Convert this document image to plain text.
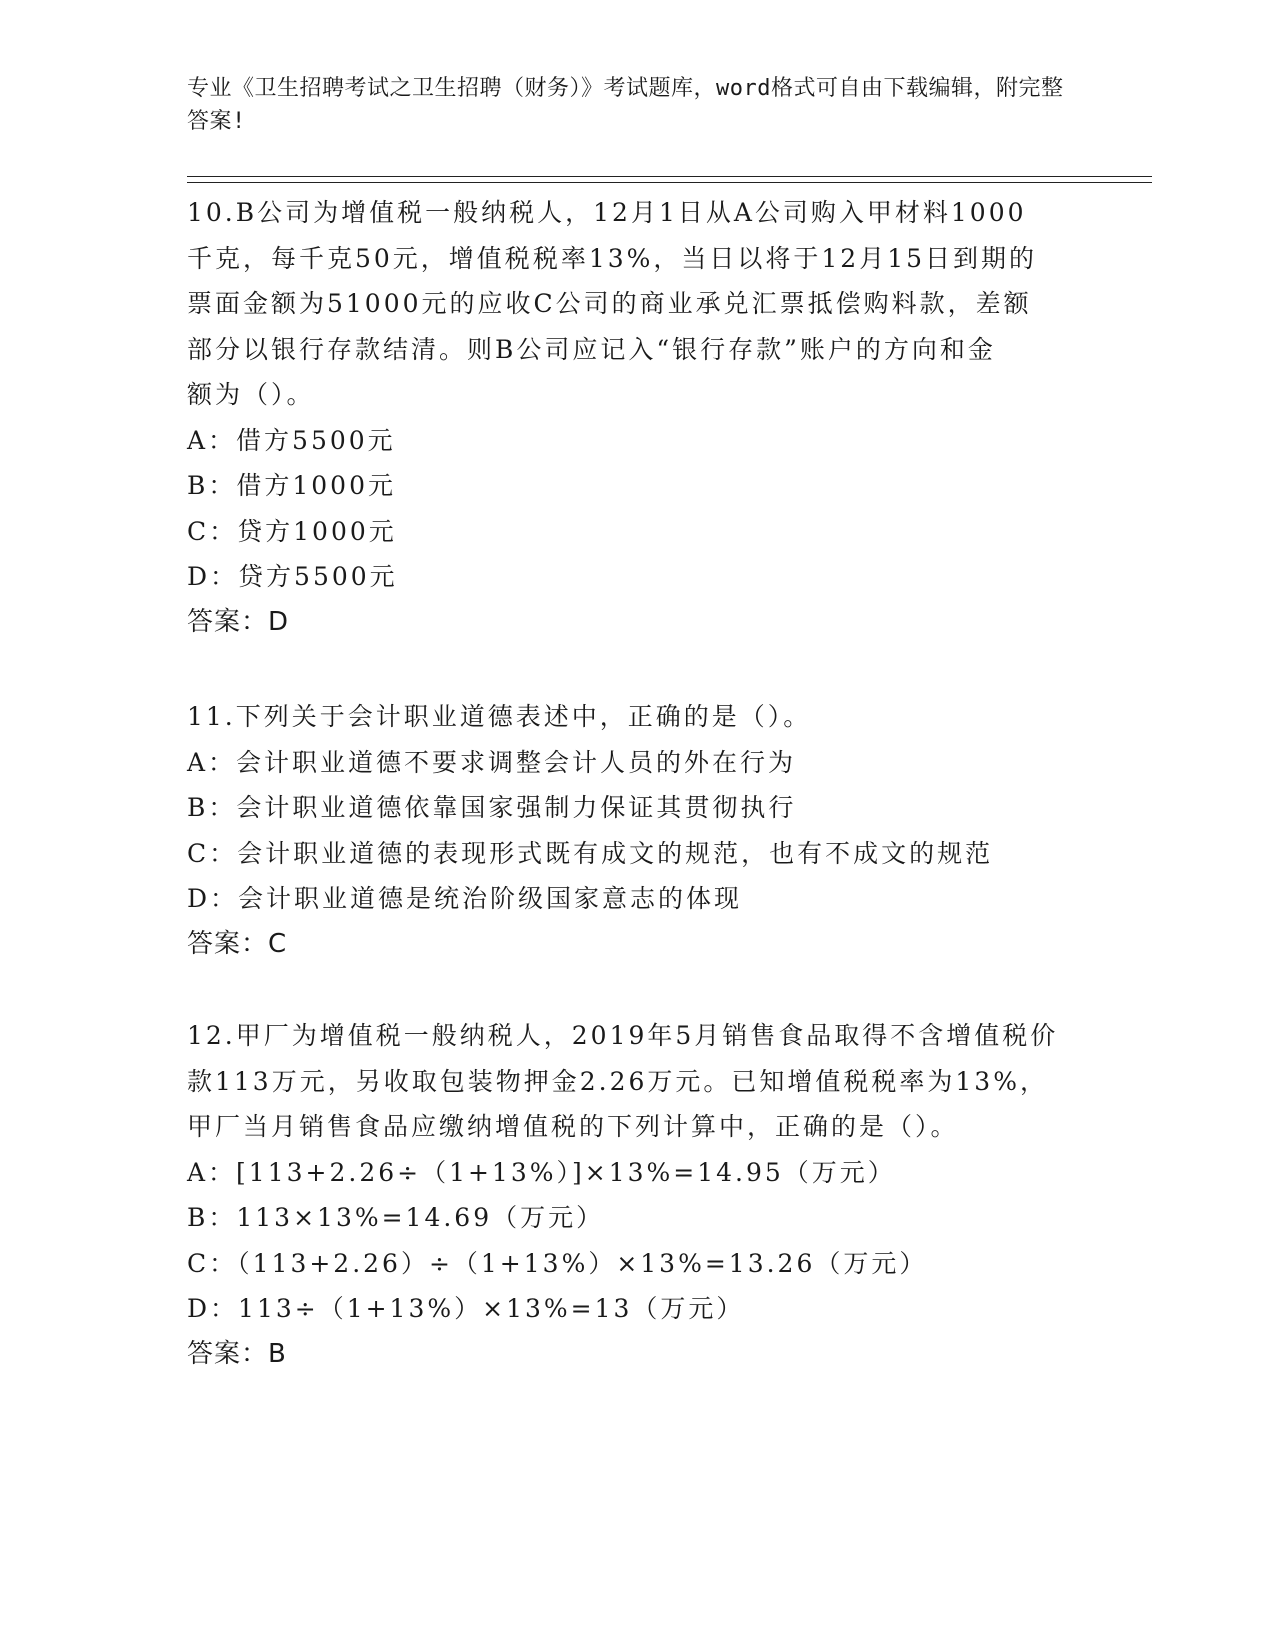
专业《卫生招聘考试之卫生招聘（财务）》考试题库，word格式可自由下载编辑，附完整答案!
10.B公司为增值税一般纳税人，12月1日从A公司购入甲材料1000
千克，每千克50元，增值税税率13%，当日以将于12月15日到期的
票面金额为51000元的应收C公司的商业承兑汇票抵偿购料款，差额
部分以银行存款结清。则B公司应记入“银行存款”账户的方向和金
额为（）。
A：借方5500元
B：借方1000元
C：贷方1000元
D：贷方5500元
答案：D
11.下列关于会计职业道德表述中，正确的是（）。
A：会计职业道德不要求调整会计人员的外在行为
B：会计职业道德依靠国家强制力保证其贯彻执行
C：会计职业道德的表现形式既有成文的规范，也有不成文的规范
D：会计职业道德是统治阶级国家意志的体现
答案：C
12.甲厂为增值税一般纳税人，2019年5月销售食品取得不含增值税价
款113万元，另收取包装物押金2.26万元。已知增值税税率为13%，
甲厂当月销售食品应缴纳增值税的下列计算中，正确的是（）。
A：[113+2.26÷（1+13%）]×13%=14.95（万元）
B：113×13%=14.69（万元）
C：（113+2.26）÷（1+13%）×13%=13.26（万元）
D：113÷（1+13%）×13%=13（万元）
答案：B
